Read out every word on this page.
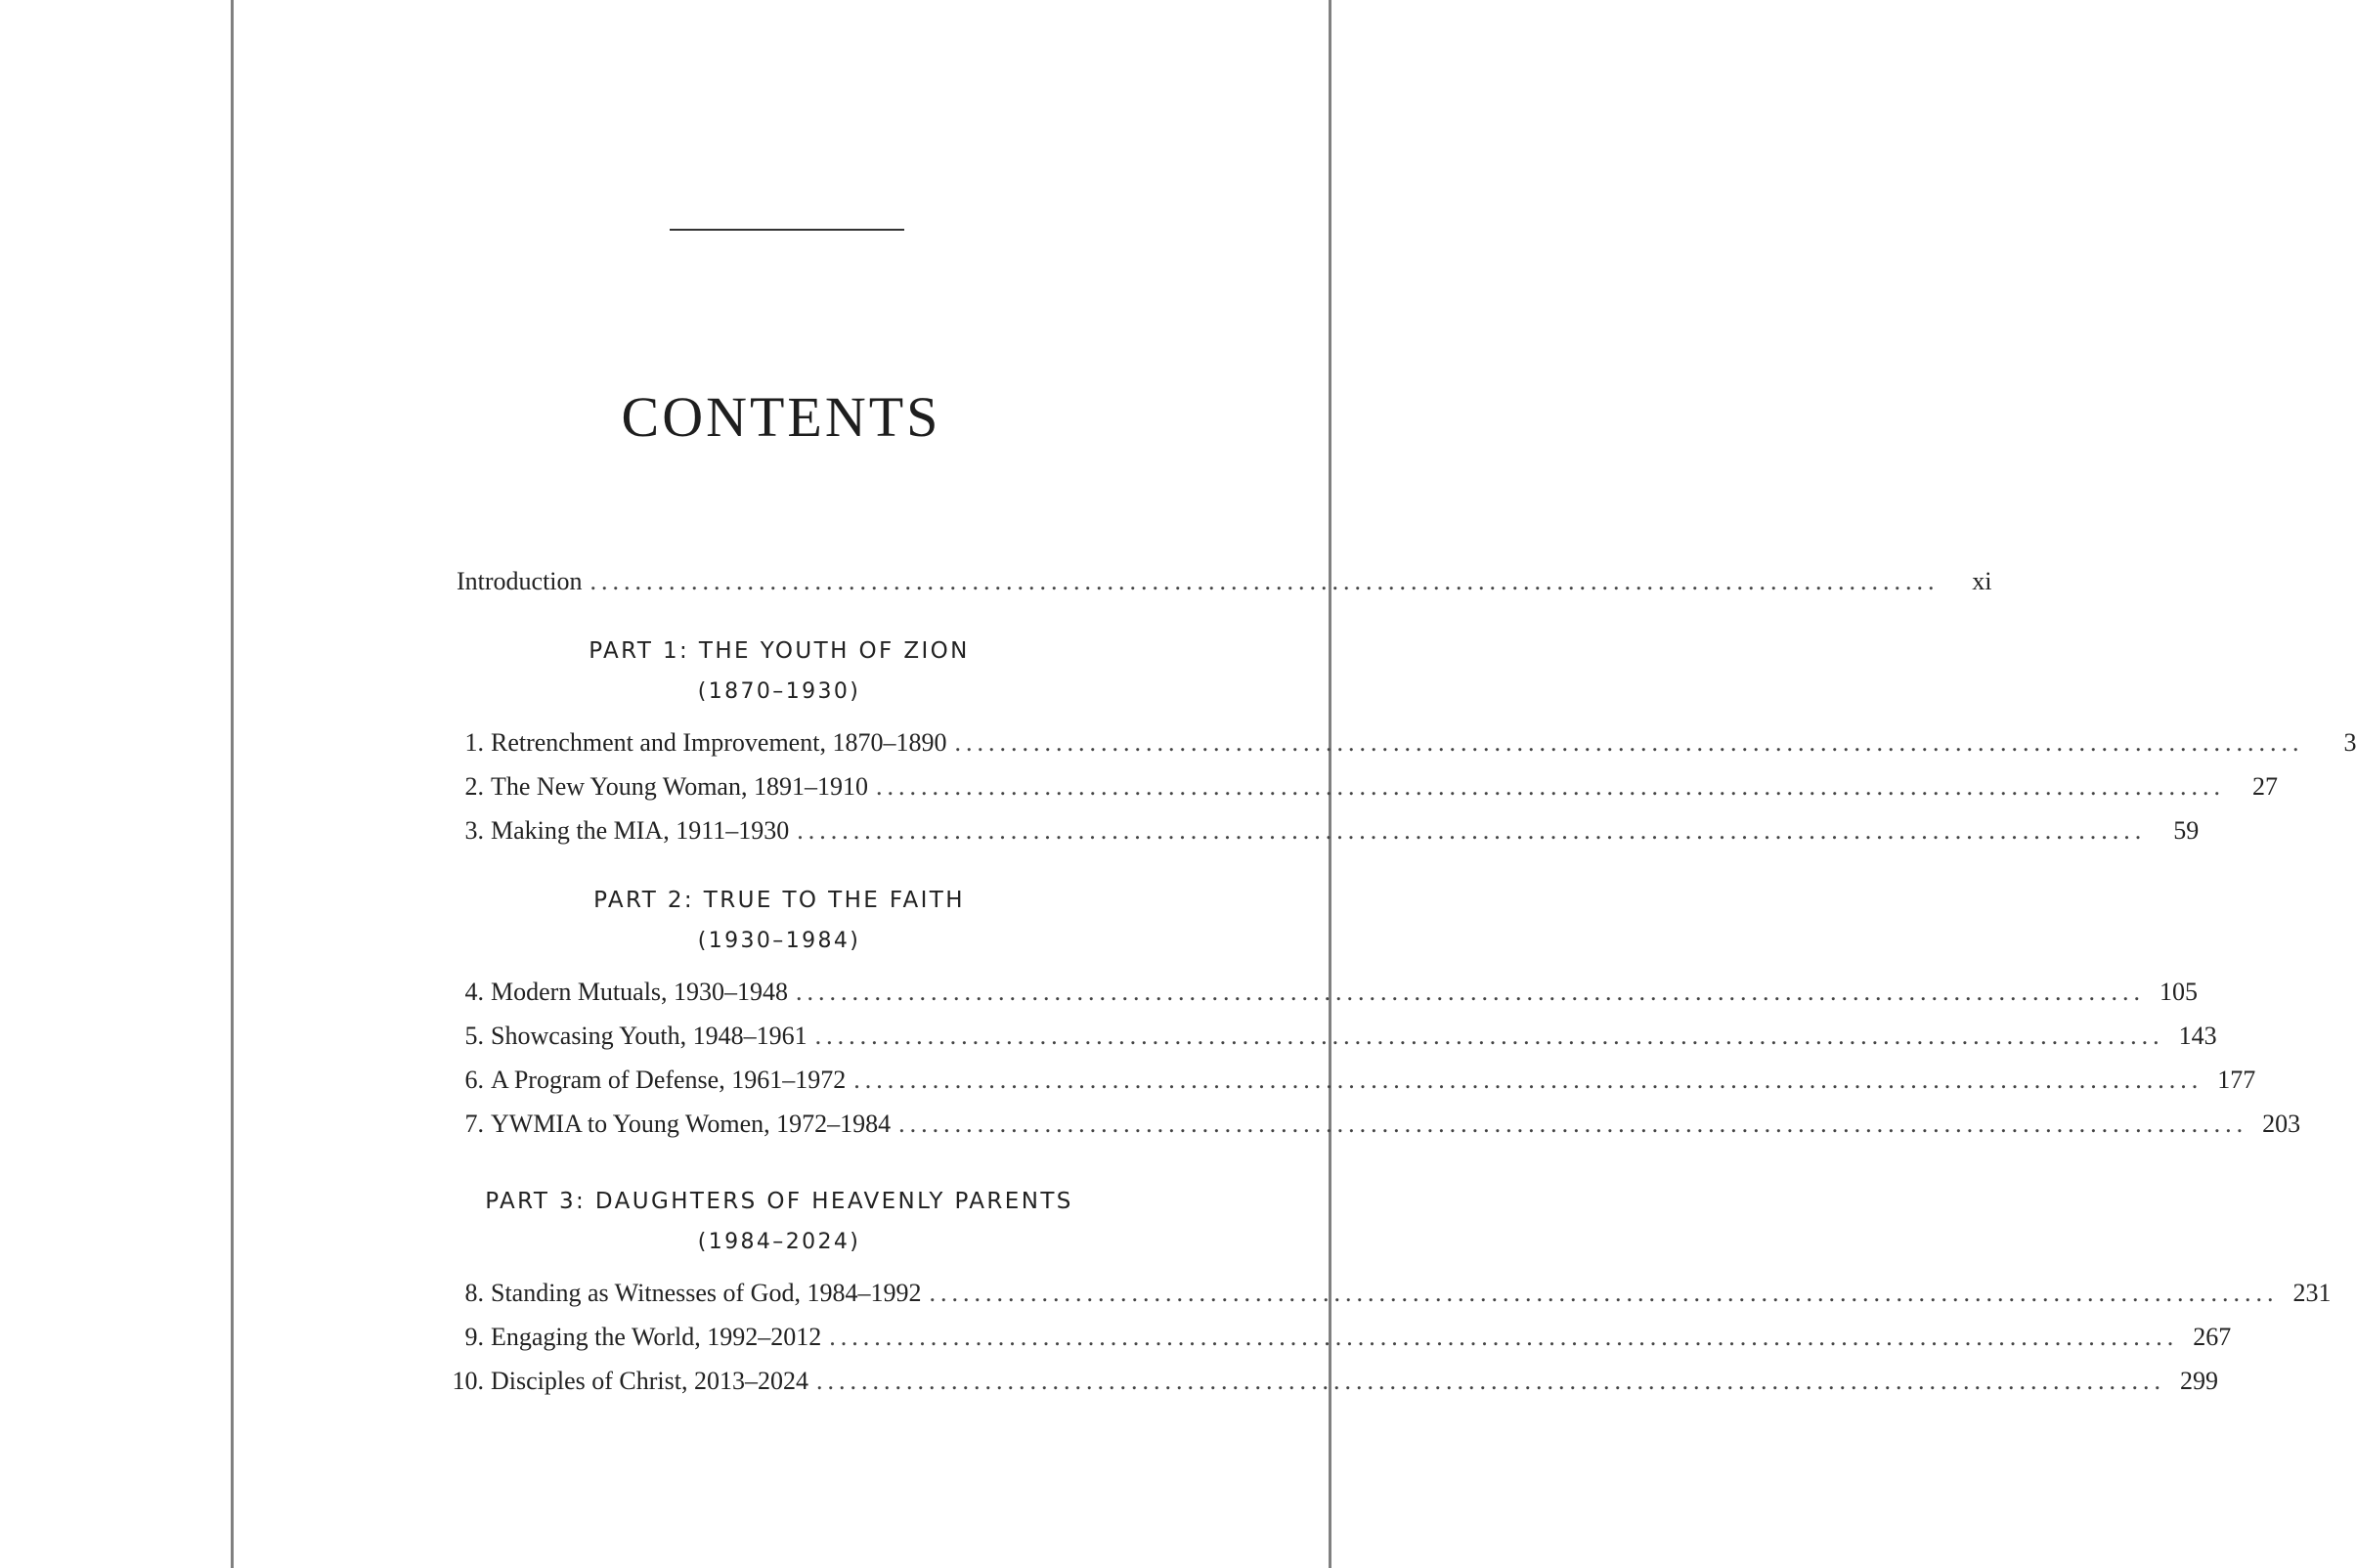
CONTENTS
Introduction ........................................................................................................................	xi
PART 1: THE YOUTH OF ZION
(1870–1930)
1. Retrenchment and Improvement, 1870–1890 ........................................................................................................................	3
2. The New Young Woman, 1891–1910 ........................................................................................................................	27
3. Making the MIA, 1911–1930 ........................................................................................................................	59
PART 2: TRUE TO THE FAITH
(1930–1984)
4. Modern Mutuals, 1930–1948 ........................................................................................................................ 105
5. Showcasing Youth, 1948–1961 ........................................................................................................................ 143
6. A Program of Defense, 1961–1972 ........................................................................................................................ 177
7. YWMIA to Young Women, 1972–1984 ........................................................................................................................ 203
PART 3: DAUGHTERS OF HEAVENLY PARENTS
(1984–2024)
8. Standing as Witnesses of God, 1984–1992 ........................................................................................................................ 231
9. Engaging the World, 1992–2012 ........................................................................................................................ 267
10. Disciples of Christ, 2013–2024 ........................................................................................................................ 299
